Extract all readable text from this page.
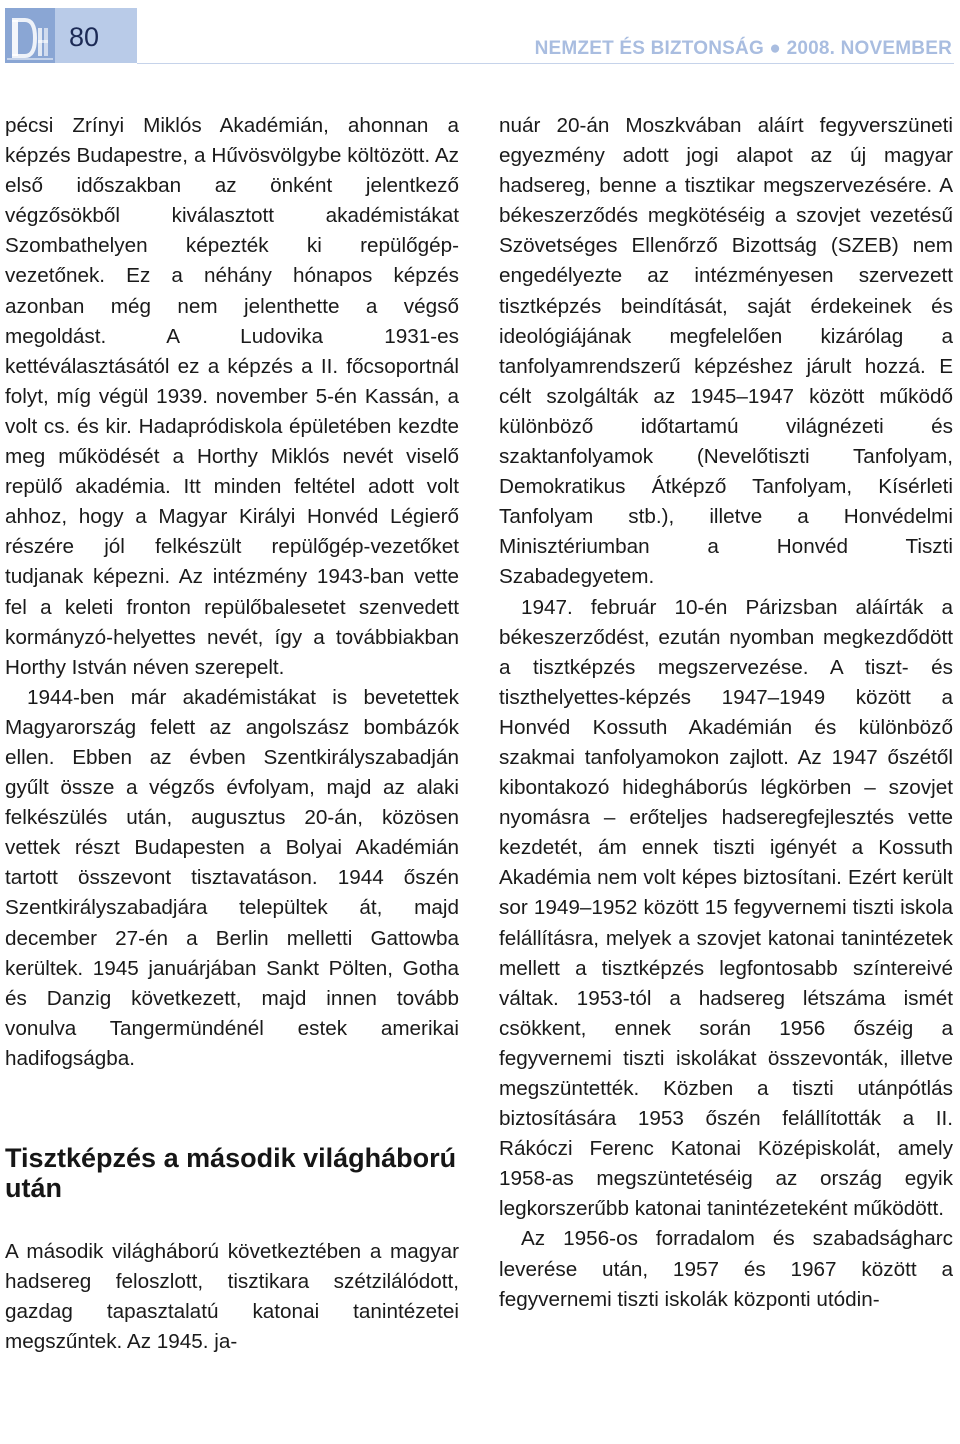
80	NEMZET ÉS BIZTONSÁG ● 2008. NOVEMBER

pécsi Zrínyi Miklós Akadémián, ahonnan a képzés Budapestre, a Hűvösvölgybe költözött. Az első időszakban az önként jelentkező végzősökből kiválasztott akadémistákat Szombathelyen képezték ki repülőgép-vezetőnek. Ez a néhány hónapos képzés azonban még nem jelenthette a végső megoldást. A Ludovika 1931-es kettéválasztásától ez a képzés a II. főcsoportnál folyt, míg végül 1939. november 5-én Kassán, a volt cs. és kir. Hadapródiskola épületében kezdte meg működését a Horthy Miklós nevét viselő repülő akadémia. Itt minden feltétel adott volt ahhoz, hogy a Magyar Királyi Honvéd Légierő részére jól felkészült repülőgép-vezetőket tudjanak képezni. Az intézmény 1943-ban vette fel a keleti fronton repülőbalesetet szenvedett kormányzó-helyettes nevét, így a továbbiakban Horthy István néven szerepelt.

1944-ben már akadémistákat is bevetettek Magyarország felett az angolszász bombázók ellen. Ebben az évben Szentkirályszabadján gyűlt össze a végzős évfolyam, majd az alaki felkészülés után, augusztus 20-án, közösen vettek részt Budapesten a Bolyai Akadémián tartott összevont tisztavatáson. 1944 őszén Szentkirályszabadjára települtek át, majd december 27-én a Berlin melletti Gattowba kerültek. 1945 januárjában Sankt Pölten, Gotha és Danzig következett, majd innen tovább vonulva Tangermündénél estek amerikai hadifogságba.

Tisztképzés a második világháború után

A második világháború következtében a magyar hadsereg feloszlott, tisztikara szétzilálódott, gazdag tapasztalatú katonai tanintézetei megszűntek. Az 1945. ja-

nuár 20-án Moszkvában aláírt fegyverszüneti egyezmény adott jogi alapot az új magyar hadsereg, benne a tisztikar megszervezésére. A békeszerződés megkötéséig a szovjet vezetésű Szövetséges Ellenőrző Bizottság (SZEB) nem engedélyezte az intézményesen szervezett tisztképzés beindítását, saját érdekeinek és ideológiájának megfelelően kizárólag a tanfolyamrendszerű képzéshez járult hozzá. E célt szolgálták az 1945–1947 között működő különböző időtartamú világnézeti és szaktanfolyamok (Nevelőtiszti Tanfolyam, Demokratikus Átképző Tanfolyam, Kísérleti Tanfolyam stb.), illetve a Honvédelmi Minisztériumban a Honvéd Tiszti Szabadegyetem.

1947. február 10-én Párizsban aláírták a békeszerződést, ezután nyomban megkezdődött a tisztképzés megszervezése. A tiszt- és tiszthelyettes-képzés 1947–1949 között a Honvéd Kossuth Akadémián és különböző szakmai tanfolyamokon zajlott. Az 1947 őszétől kibontakozó hidegháborús légkörben – szovjet nyomásra – erőteljes hadseregfejlesztés vette kezdetét, ám ennek tiszti igényét a Kossuth Akadémia nem volt képes biztosítani. Ezért került sor 1949–1952 között 15 fegyvernemi tiszti iskola felállításra, melyek a szovjet katonai tanintézetek mellett a tisztképzés legfontosabb színtereivé váltak. 1953-tól a hadsereg létszáma ismét csökkent, ennek során 1956 őszéig a fegyvernemi tiszti iskolákat összevonták, illetve megszüntették. Közben a tiszti utánpótlás biztosítására 1953 őszén felállították a II. Rákóczi Ferenc Katonai Középiskolát, amely 1958-as megszüntetéséig az ország egyik legkorszerűbb katonai tanintézeteként működött.

Az 1956-os forradalom és szabadságharc leverése után, 1957 és 1967 között a fegyvernemi tiszti iskolák központi utódin-
